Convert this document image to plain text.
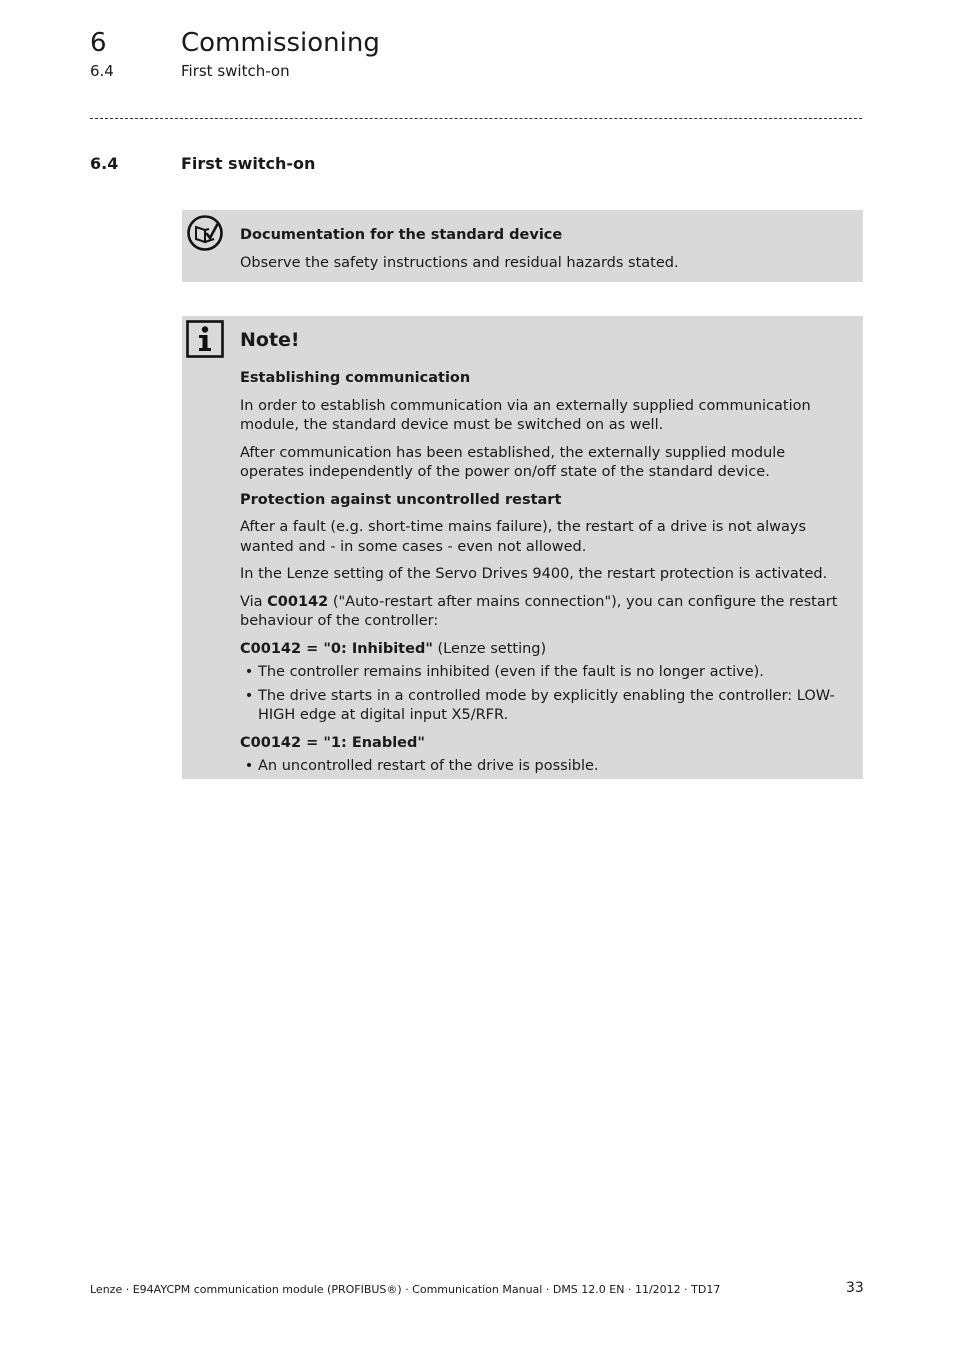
6	Commissioning
6.4	First switch-on
6.4	First switch-on
Documentation for the standard device
Observe the safety instructions and residual hazards stated.
Note!

Establishing communication

In order to establish communication via an externally supplied communication module, the standard device must be switched on as well.

After communication has been established, the externally supplied module operates independently of the power on/off state of the standard device.

Protection against uncontrolled restart

After a fault (e.g. short-time mains failure), the restart of a drive is not always wanted and - in some cases - even not allowed.

In the Lenze setting of the Servo Drives 9400, the restart protection is activated.

Via C00142 ("Auto-restart after mains connection"), you can configure the restart behaviour of the controller:

C00142 = "0: Inhibited" (Lenze setting)

• The controller remains inhibited (even if the fault is no longer active).
• The drive starts in a controlled mode by explicitly enabling the controller: LOW-HIGH edge at digital input X5/RFR.

C00142 = "1: Enabled"

• An uncontrolled restart of the drive is possible.
Lenze · E94AYCPM communication module (PROFIBUS®) · Communication Manual · DMS 12.0 EN · 11/2012 · TD17	33
